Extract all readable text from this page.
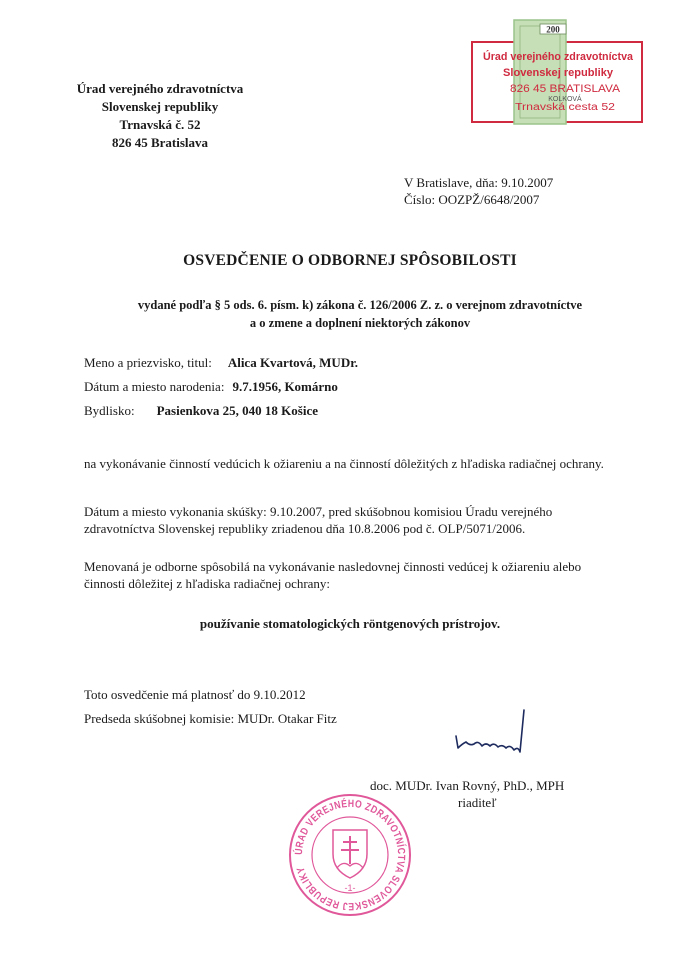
200
Úrad verejného zdravotníctva
Slovenskej republiky
826 45 BRATISLAVA
KOLKOVÁ
Trnavská cesta 52
Úrad verejného zdravotníctva
Slovenskej republiky
Trnavská č. 52
826 45 Bratislava
V Bratislave, dňa: 9.10.2007
Číslo: OOZPŽ/6648/2007
OSVEDČENIE O ODBORNEJ SPÔSOBILOSTI
vydané podľa § 5 ods. 6. písm. k) zákona č. 126/2006 Z. z. o verejnom zdravotníctve
a o zmene a doplnení niektorých zákonov
Meno a priezvisko, titul: Alica Kvartová, MUDr.
Dátum a miesto narodenia: 9.7.1956, Komárno
Bydlisko: Pasienkova 25, 040 18 Košice
na vykonávanie činností vedúcich k ožiareniu a na činností dôležitých z hľadiska radiačnej ochrany.
Dátum a miesto vykonania skúšky: 9.10.2007, pred skúšobnou komisiou Úradu verejného zdravotníctva Slovenskej republiky zriadenou dňa 10.8.2006 pod č. OLP/5071/2006.
Menovaná je odborne spôsobilá na vykonávanie nasledovnej činnosti vedúcej k ožiareniu alebo činnosti dôležitej z hľadiska radiačnej ochrany:
používanie stomatologických röntgenových prístrojov.
Toto osvedčenie má platnosť do 9.10.2012
Predseda skúšobnej komisie: MUDr. Otakar Fitz
doc. MUDr. Ivan Rovný, PhD., MPH
riaditeľ
ÚRAD VEREJNÉHO ZDRAVOTNÍCTVA SLOVENSKEJ REPUBLIKY
-1-
